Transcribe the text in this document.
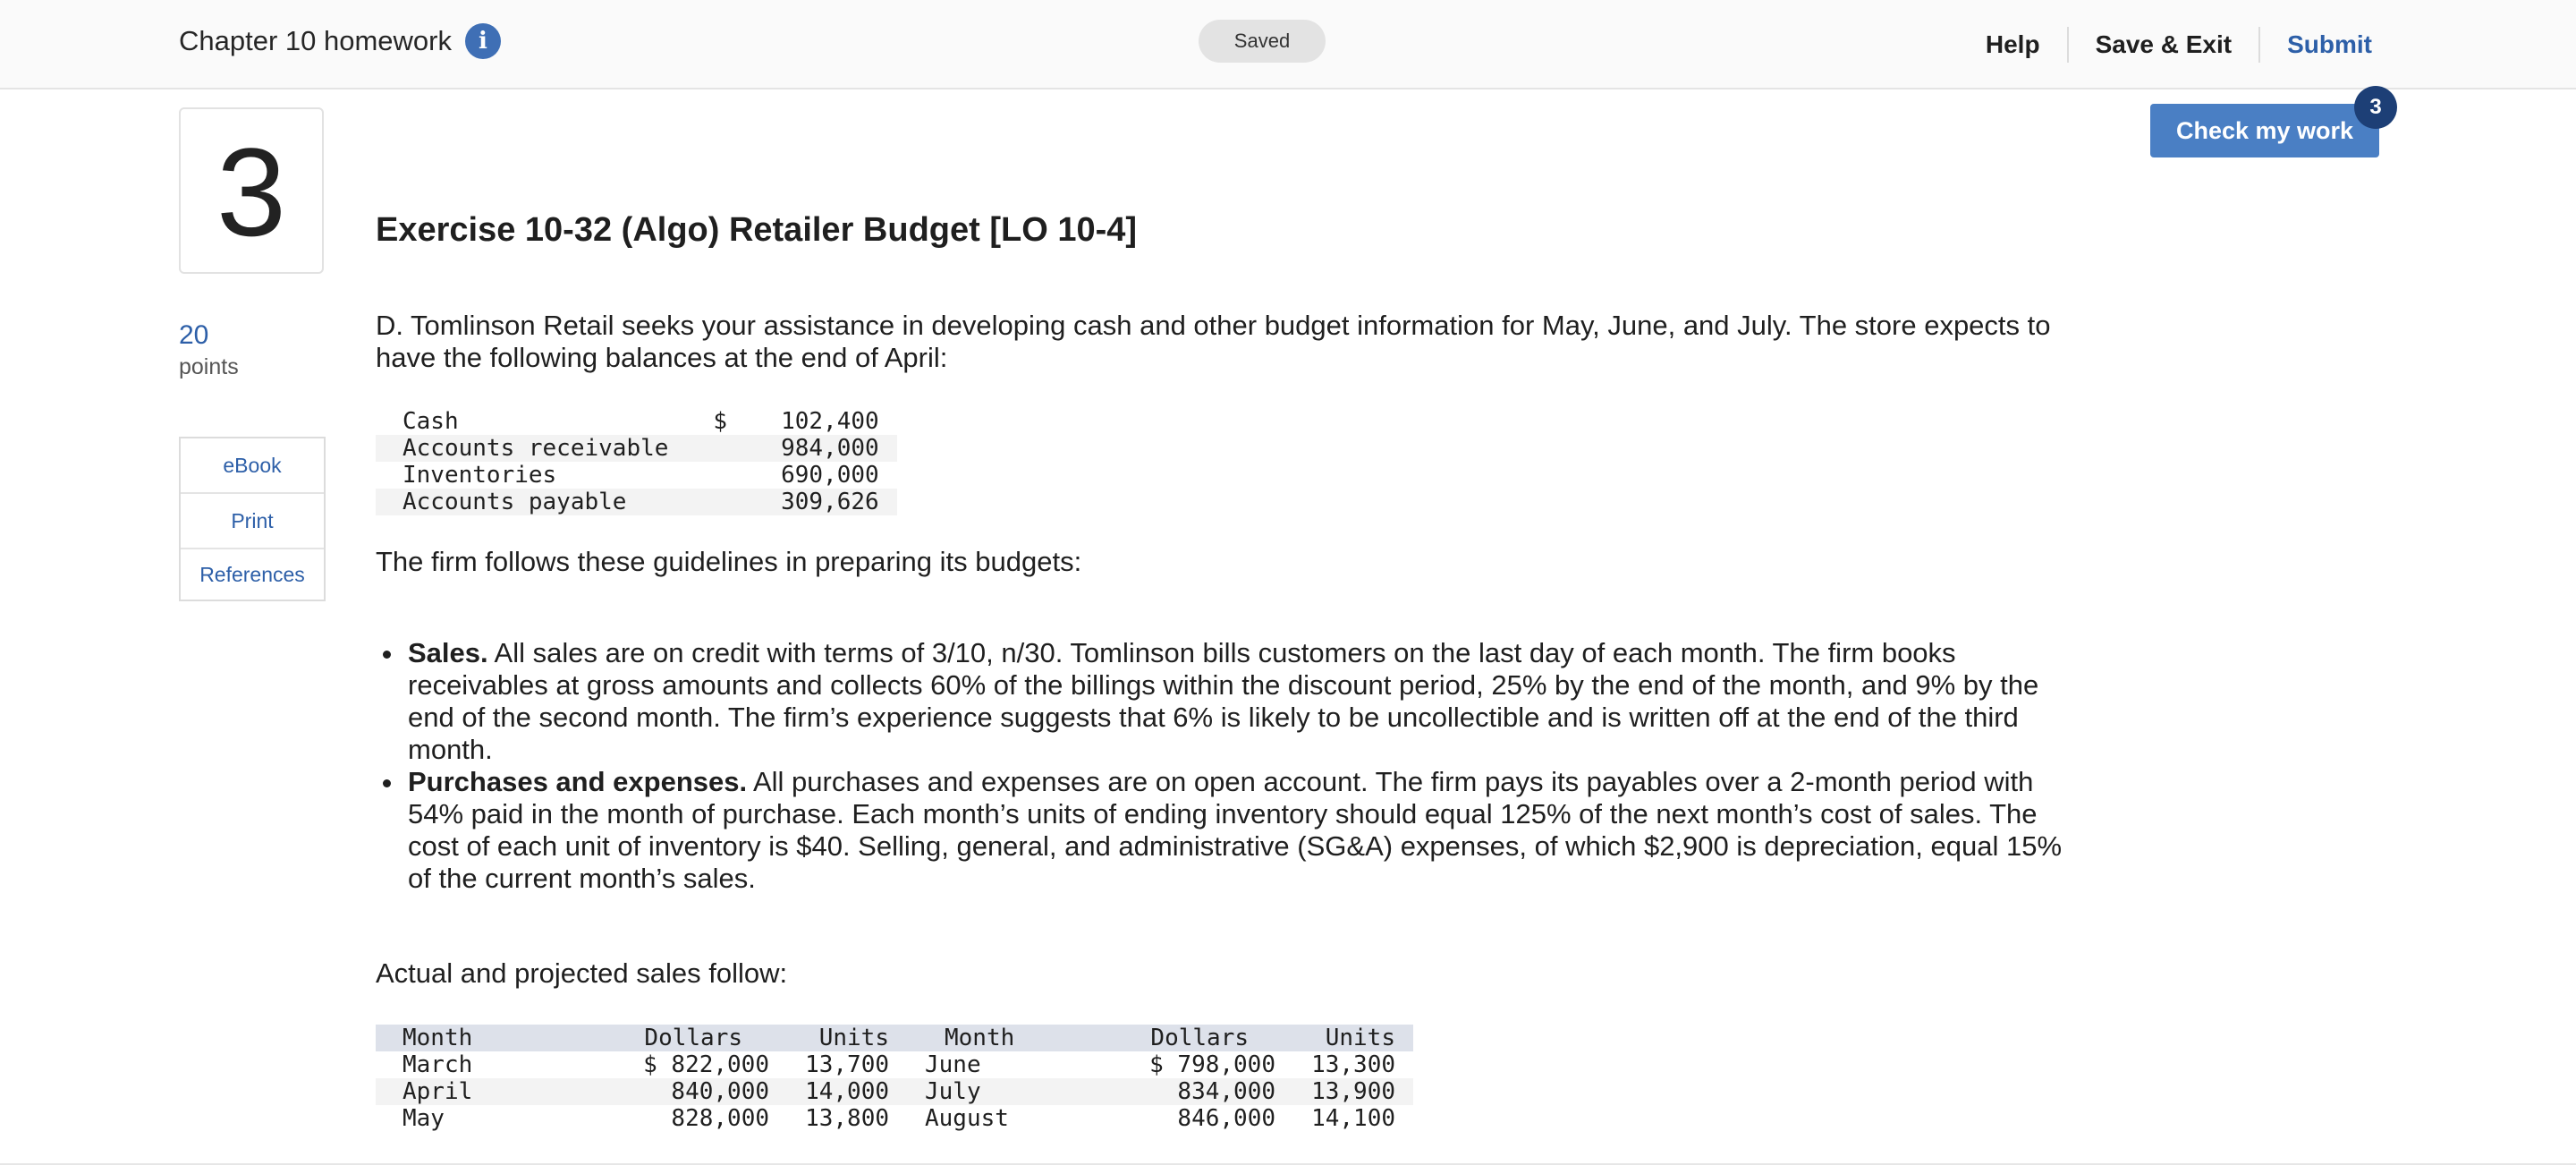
Chapter 10 homework	i	Saved	Help	Save & Exit	Submit
3
20
points
eBook
Print
References
Check my work
3
Exercise 10-32 (Algo) Retailer Budget [LO 10-4]
D. Tomlinson Retail seeks your assistance in developing cash and other budget information for May, June, and July. The store expects to have the following balances at the end of April:
Cash	$	102,400
Accounts receivable		984,000
Inventories		690,000
Accounts payable		309,626
The firm follows these guidelines in preparing its budgets:
Sales. All sales are on credit with terms of 3/10, n/30. Tomlinson bills customers on the last day of each month. The firm books receivables at gross amounts and collects 60% of the billings within the discount period, 25% by the end of the month, and 9% by the end of the second month. The firm’s experience suggests that 6% is likely to be uncollectible and is written off at the end of the third month.
Purchases and expenses. All purchases and expenses are on open account. The firm pays its payables over a 2-month period with 54% paid in the month of purchase. Each month’s units of ending inventory should equal 125% of the next month’s cost of sales. The cost of each unit of inventory is $40. Selling, general, and administrative (SG&A) expenses, of which $2,900 is depreciation, equal 15% of the current month’s sales.
Actual and projected sales follow:
Month	Dollars	Units	Month	Dollars	Units
March	$ 822,000	13,700	June	$ 798,000	13,300
April	840,000	14,000	July	834,000	13,900
May	828,000	13,800	August	846,000	14,100
